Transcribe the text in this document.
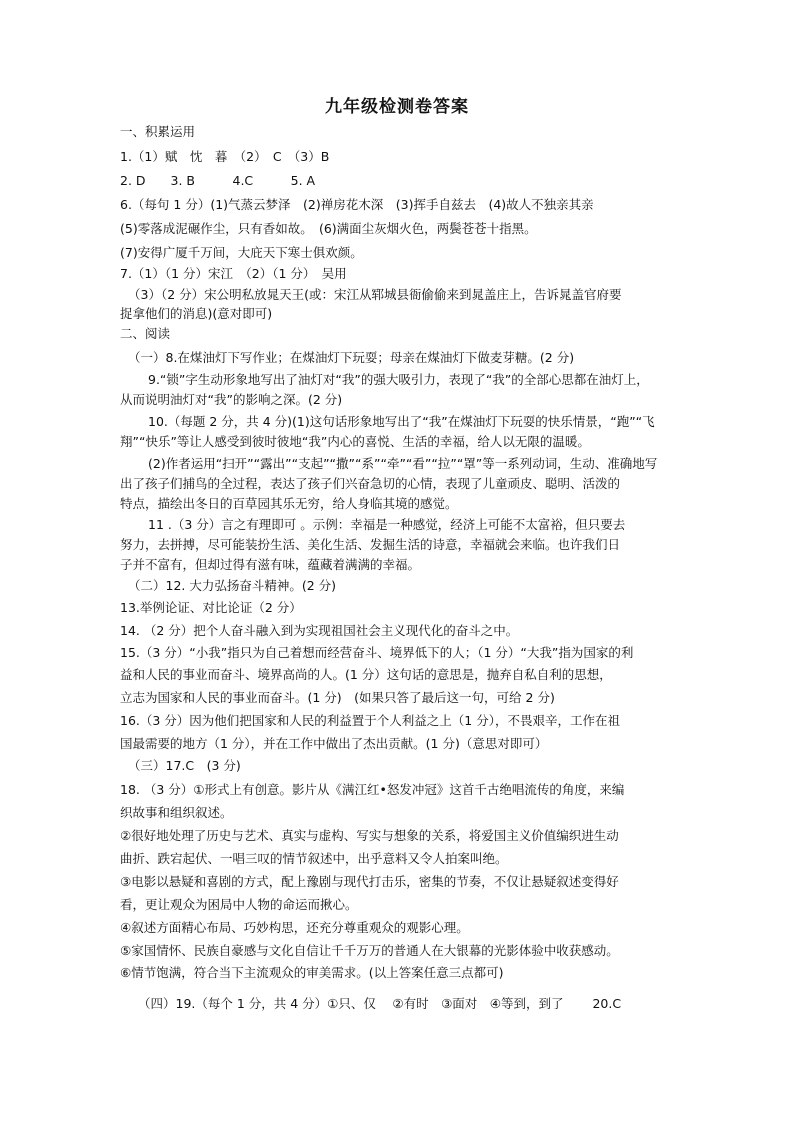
九年级检测卷答案
一、积累运用
1.（1）赋　忱　暮　（2）　C　（3）B
2. D　　3. B　　　4.C　　　5. A
6.（每句 1 分）(1)气蒸云梦泽　(2)禅房花木深　(3)挥手自兹去　(4)故人不独亲其亲
(5)零落成泥碾作尘，只有香如故。　(6)满面尘灰烟火色，两鬓苍苍十指黑。
(7)安得广厦千万间，大庇天下寒士俱欢颜。
7.（1）（1 分）宋江　（2）（1 分）　吴用
（3）（2 分）宋公明私放晁天王(或：宋江从郓城县衙偷偷来到晁盖庄上，告诉晁盖官府要
捉拿他们的消息)(意对即可)
二、阅读
（一）8.在煤油灯下写作业；在煤油灯下玩耍；母亲在煤油灯下做麦芽糖。(2 分)
9.“锁”字生动形象地写出了油灯对“我”的强大吸引力，表现了“我”的全部心思都在油灯上，
从而说明油灯对“我”的影响之深。(2 分)
10.（每题 2 分，共 4 分)(1)这句话形象地写出了“我”在煤油灯下玩耍的快乐情景，“跑”“飞
翔”“快乐”等让人感受到彼时彼地“我”内心的喜悦、生活的幸福，给人以无限的温暖。
(2)作者运用“扫开”“露出”“支起”“撒”“系”“牵”“看”“拉”“罩”等一系列动词，生动、准确地写
出了孩子们捕鸟的全过程，表达了孩子们兴奋急切的心情，表现了儿童顽皮、聪明、活泼的
特点，描绘出冬日的百草园其乐无穷，给人身临其境的感觉。
11 .（3 分）言之有理即可 。示例：幸福是一种感觉，经济上可能不太富裕，但只要去
努力，去拼搏，尽可能装扮生活、美化生活、发掘生活的诗意，幸福就会来临。也许我们日
子并不富有，但却过得有滋有味，蕴藏着满满的幸福。
（二）12. 大力弘扬奋斗精神。(2 分)
13.举例论证、对比论证（2 分）
14. （2 分）把个人奋斗融入到为实现祖国社会主义现代化的奋斗之中。
15.（3 分）“小我”指只为自己着想而经营奋斗、境界低下的人；（1 分）“大我”指为国家的利
益和人民的事业而奋斗、境界高尚的人。(1 分）这句话的意思是，抛弃自私自利的思想，
立志为国家和人民的事业而奋斗。(1 分)　(如果只答了最后这一句，可给 2 分)
16.（3 分）因为他们把国家和人民的利益置于个人利益之上（1 分），不畏艰辛，工作在祖
国最需要的地方（1 分），并在工作中做出了杰出贡献。(1 分)（意思对即可）
（三）17.C　(3 分)
18. （3 分）①形式上有创意。影片从《满江红•怒发冲冠》这首千古绝唱流传的角度，来编
织故事和组织叙述。
②很好地处理了历史与艺术、真实与虚构、写实与想象的关系，将爱国主义价值编织进生动
曲折、跌宕起伏、一唱三叹的情节叙述中，出乎意料又令人拍案叫绝。
③电影以悬疑和喜剧的方式，配上豫剧与现代打击乐，密集的节奏，不仅让悬疑叙述变得好
看，更让观众为困局中人物的命运而揪心。
④叙述方面精心布局、巧妙构思，还充分尊重观众的观影心理。
⑤家国情怀、民族自豪感与文化自信让千千万万的普通人在大银幕的光影体验中收获感动。
⑥情节饱满，符合当下主流观众的审美需求。(以上答案任意三点都可)
（四）19.（每个 1 分，共 4 分）①只、仅　 ②有时　③面对　④等到，到了　　 20.C
